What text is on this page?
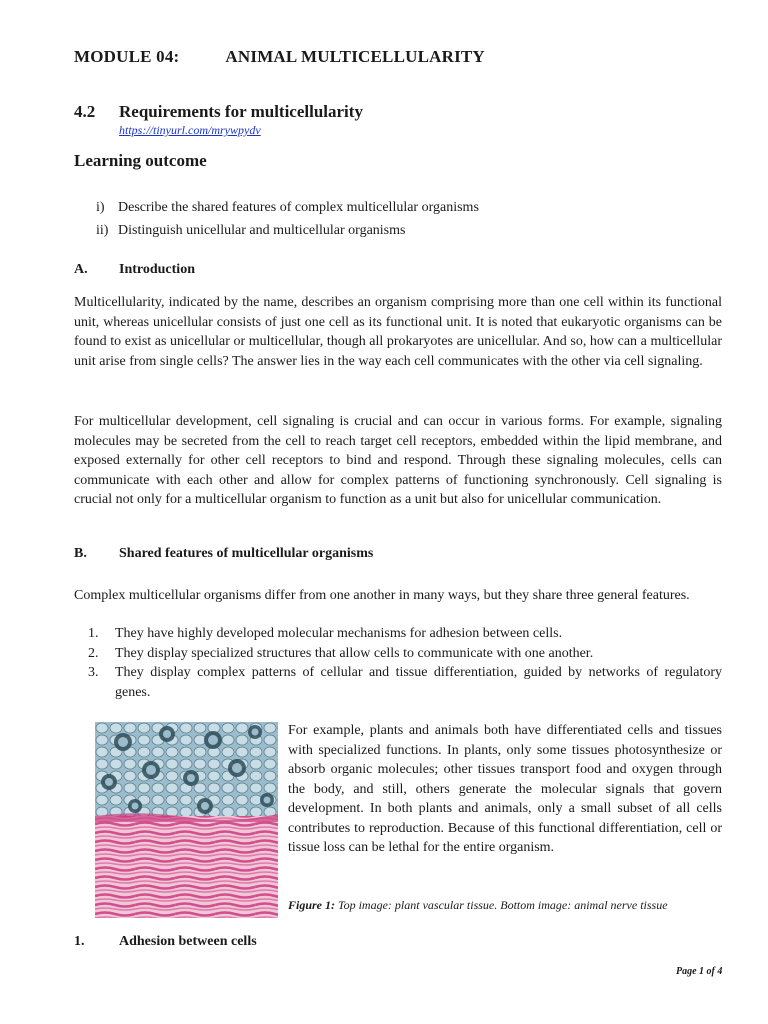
MODULE 04:	ANIMAL MULTICELLULARITY
4.2 Requirements for multicellularity
https://tinyurl.com/mrywpydv
Learning outcome
i) Describe the shared features of complex multicellular organisms
ii) Distinguish unicellular and multicellular organisms
A. Introduction
Multicellularity, indicated by the name, describes an organism comprising more than one cell within its functional unit, whereas unicellular consists of just one cell as its functional unit. It is noted that eukaryotic organisms can be found to exist as unicellular or multicellular, though all prokaryotes are unicellular. And so, how can a multicellular unit arise from single cells? The answer lies in the way each cell communicates with the other via cell signaling.
For multicellular development, cell signaling is crucial and can occur in various forms. For example, signaling molecules may be secreted from the cell to reach target cell receptors, embedded within the lipid membrane, and exposed externally for other cell receptors to bind and respond. Through these signaling molecules, cells can communicate with each other and allow for complex patterns of functioning synchronously. Cell signaling is crucial not only for a multicellular organism to function as a unit but also for unicellular communication.
B. Shared features of multicellular organisms
Complex multicellular organisms differ from one another in many ways, but they share three general features.
1.	They have highly developed molecular mechanisms for adhesion between cells.
2.	They display specialized structures that allow cells to communicate with one another.
3.	They display complex patterns of cellular and tissue differentiation, guided by networks of regulatory genes.
For example, plants and animals both have differentiated cells and tissues with specialized functions. In plants, only some tissues photosynthesize or absorb organic molecules; other tissues transport food and oxygen through the body, and still, others generate the molecular signals that govern development. In both plants and animals, only a small subset of all cells contributes to reproduction. Because of this functional differentiation, cell or tissue loss can be lethal for the entire organism.
Figure 1: Top image: plant vascular tissue. Bottom image: animal nerve tissue
1. Adhesion between cells
Page 1 of 4
